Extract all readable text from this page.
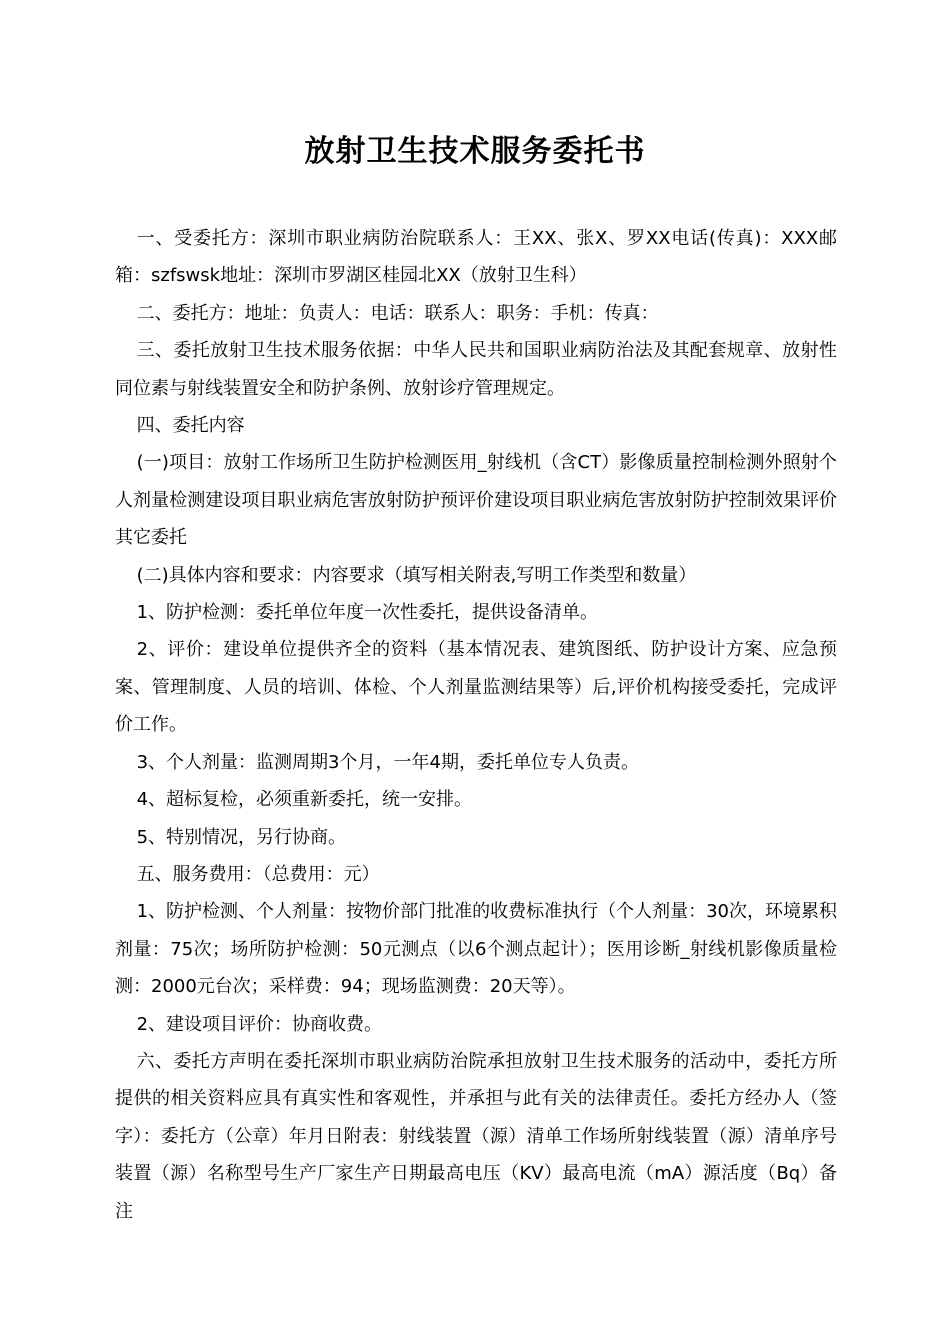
放射卫生技术服务委托书

一、受委托方：深圳市职业病防治院联系人：王XX、张X、罗XX电话(传真)：XXX邮箱：szfswsk地址：深圳市罗湖区桂园北XX（放射卫生科）

二、委托方：地址：负责人：电话：联系人：职务：手机：传真：

三、委托放射卫生技术服务依据：中华人民共和国职业病防治法及其配套规章、放射性同位素与射线装置安全和防护条例、放射诊疗管理规定。

四、委托内容

(一)项目：放射工作场所卫生防护检测医用_射线机（含CT）影像质量控制检测外照射个人剂量检测建设项目职业病危害放射防护预评价建设项目职业病危害放射防护控制效果评价其它委托

(二)具体内容和要求：内容要求（填写相关附表,写明工作类型和数量）

1、防护检测：委托单位年度一次性委托，提供设备清单。

2、评价：建设单位提供齐全的资料（基本情况表、建筑图纸、防护设计方案、应急预案、管理制度、人员的培训、体检、个人剂量监测结果等）后,评价机构接受委托，完成评价工作。

3、个人剂量：监测周期3个月，一年4期，委托单位专人负责。

4、超标复检，必须重新委托，统一安排。

5、特别情况，另行协商。

五、服务费用：（总费用：元）

1、防护检测、个人剂量：按物价部门批准的收费标准执行（个人剂量：30次，环境累积剂量：75次；场所防护检测：50元测点（以6个测点起计）；医用诊断_射线机影像质量检测：2000元台次；采样费：94；现场监测费：20天等）。

2、建设项目评价：协商收费。

六、委托方声明在委托深圳市职业病防治院承担放射卫生技术服务的活动中，委托方所提供的相关资料应具有真实性和客观性，并承担与此有关的法律责任。委托方经办人（签字）：委托方（公章）年月日附表：射线装置（源）清单工作场所射线装置（源）清单序号装置（源）名称型号生产厂家生产日期最高电压（KV）最高电流（mA）源活度（Bq）备注
